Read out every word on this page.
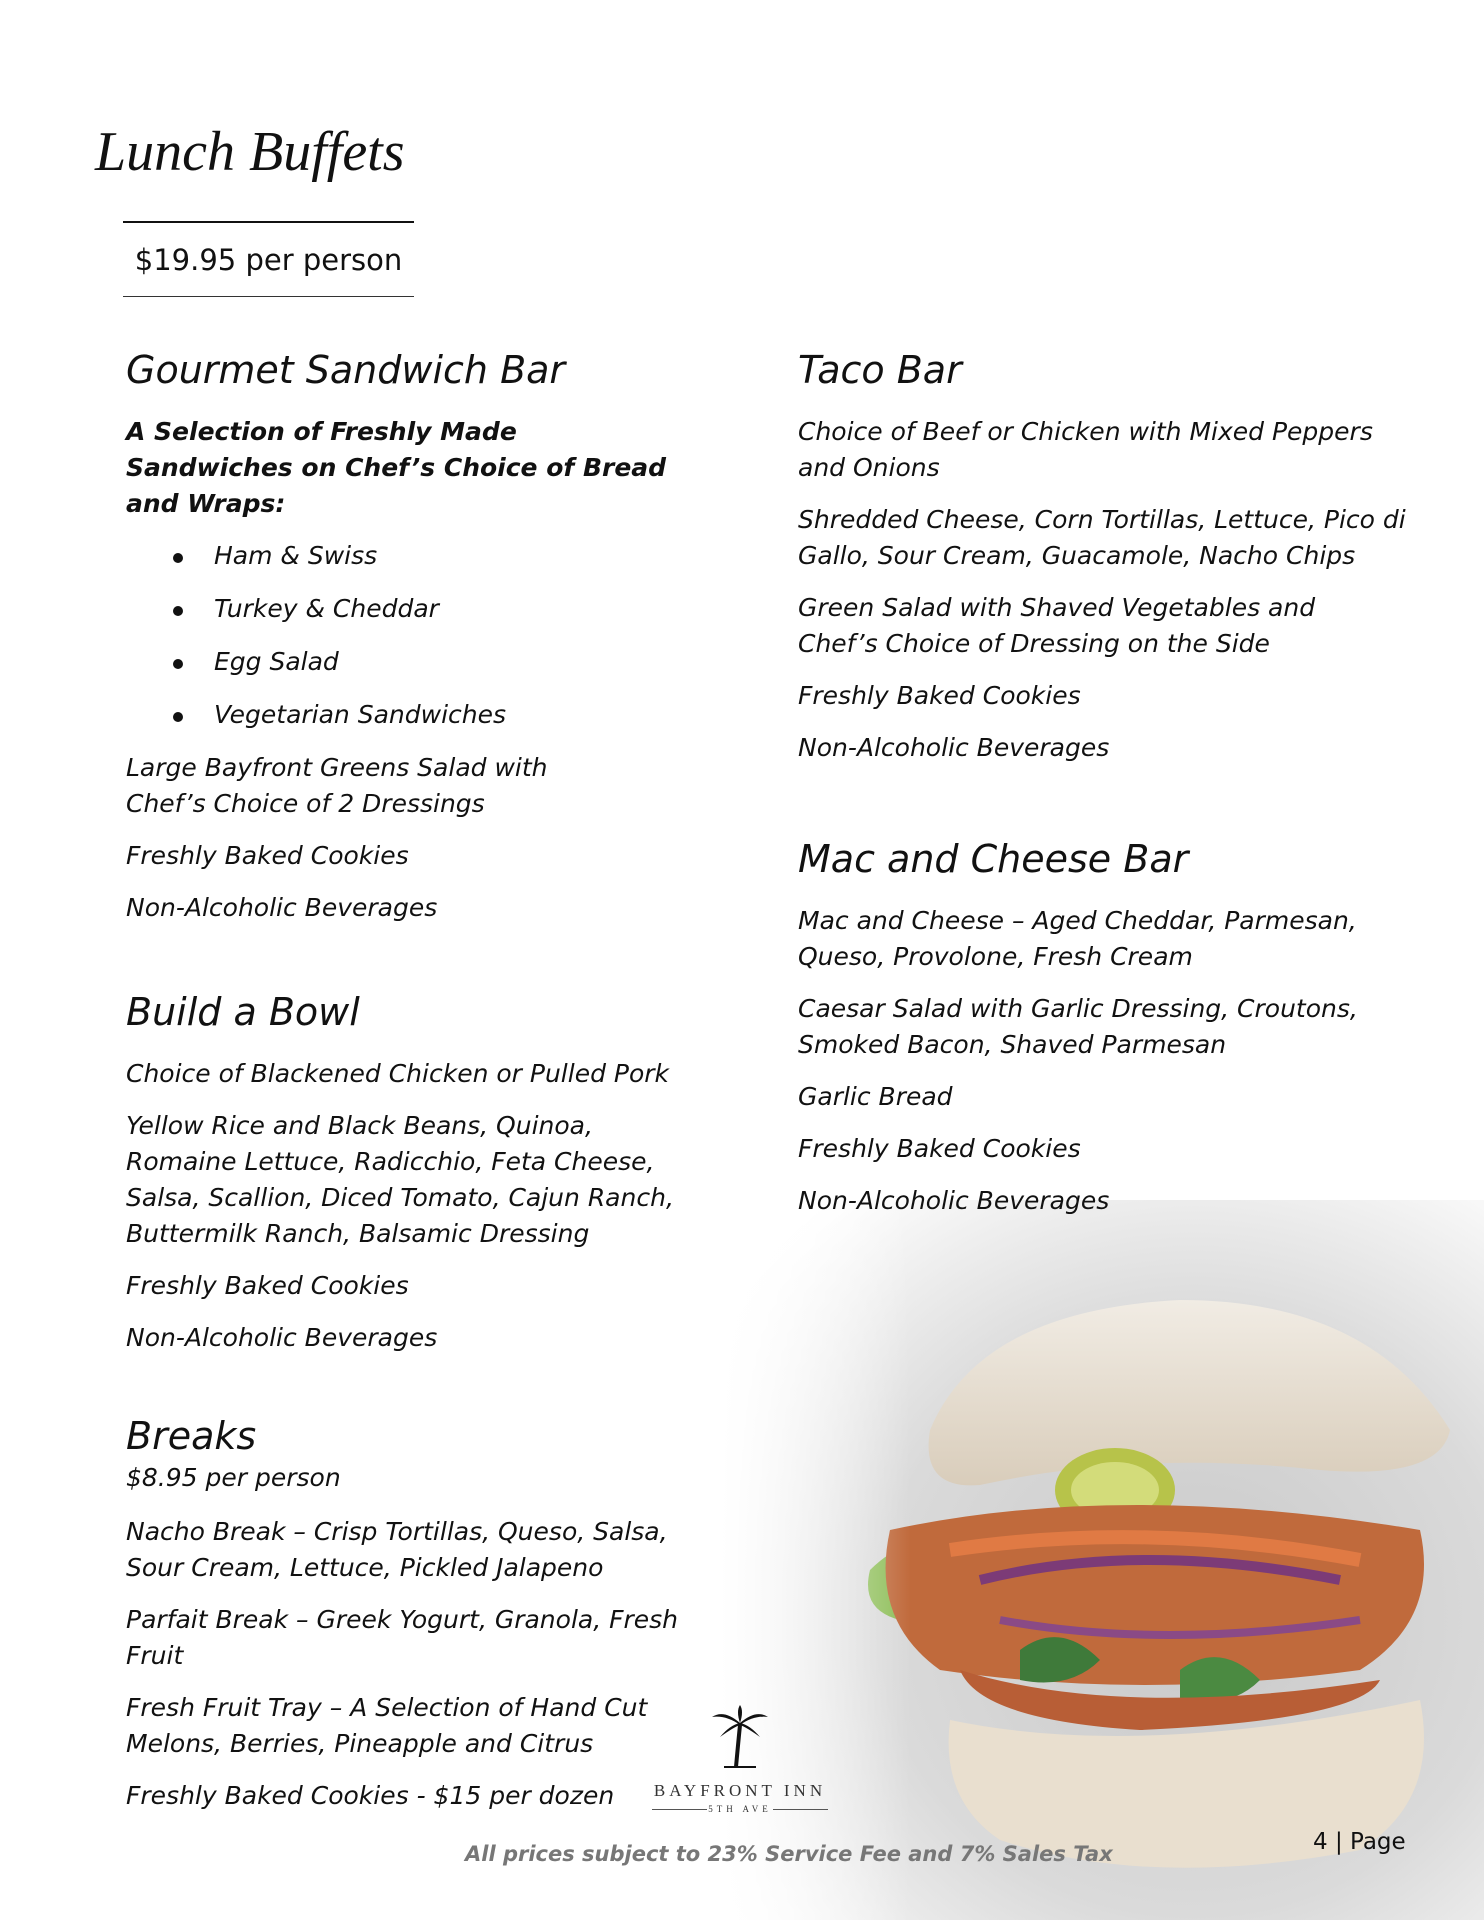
Lunch Buffets
$19.95 per person
Gourmet Sandwich Bar

A Selection of Freshly Made Sandwiches on Chef’s Choice of Bread and Wraps:

Ham & Swiss
Turkey & Cheddar
Egg Salad
Vegetarian Sandwiches

Large Bayfront Greens Salad with Chef’s Choice of 2 Dressings

Freshly Baked Cookies

Non-Alcoholic Beverages

Build a Bowl

Choice of Blackened Chicken or Pulled Pork

Yellow Rice and Black Beans, Quinoa, Romaine Lettuce, Radicchio, Feta Cheese, Salsa, Scallion, Diced Tomato, Cajun Ranch, Buttermilk Ranch, Balsamic Dressing

Freshly Baked Cookies

Non-Alcoholic Beverages

Breaks

$8.95 per person

Nacho Break – Crisp Tortillas, Queso, Salsa, Sour Cream, Lettuce, Pickled Jalapeno

Parfait Break – Greek Yogurt, Granola, Fresh Fruit

Fresh Fruit Tray – A Selection of Hand Cut Melons, Berries, Pineapple and Citrus

Freshly Baked Cookies - $15 per dozen	BAYFRONT INN
5TH AVE
Taco Bar

Choice of Beef or Chicken with Mixed Peppers and Onions

Shredded Cheese, Corn Tortillas, Lettuce, Pico di Gallo, Sour Cream, Guacamole, Nacho Chips

Green Salad with Shaved Vegetables and Chef’s Choice of Dressing on the Side

Freshly Baked Cookies

Non-Alcoholic Beverages

Mac and Cheese Bar

Mac and Cheese – Aged Cheddar, Parmesan, Queso, Provolone, Fresh Cream

Caesar Salad with Garlic Dressing, Croutons, Smoked Bacon, Shaved Parmesan

Garlic Bread

Freshly Baked Cookies

Non-Alcoholic Beverages

All prices subject to 23% Service Fee and 7% Sales Tax	4 | Page
